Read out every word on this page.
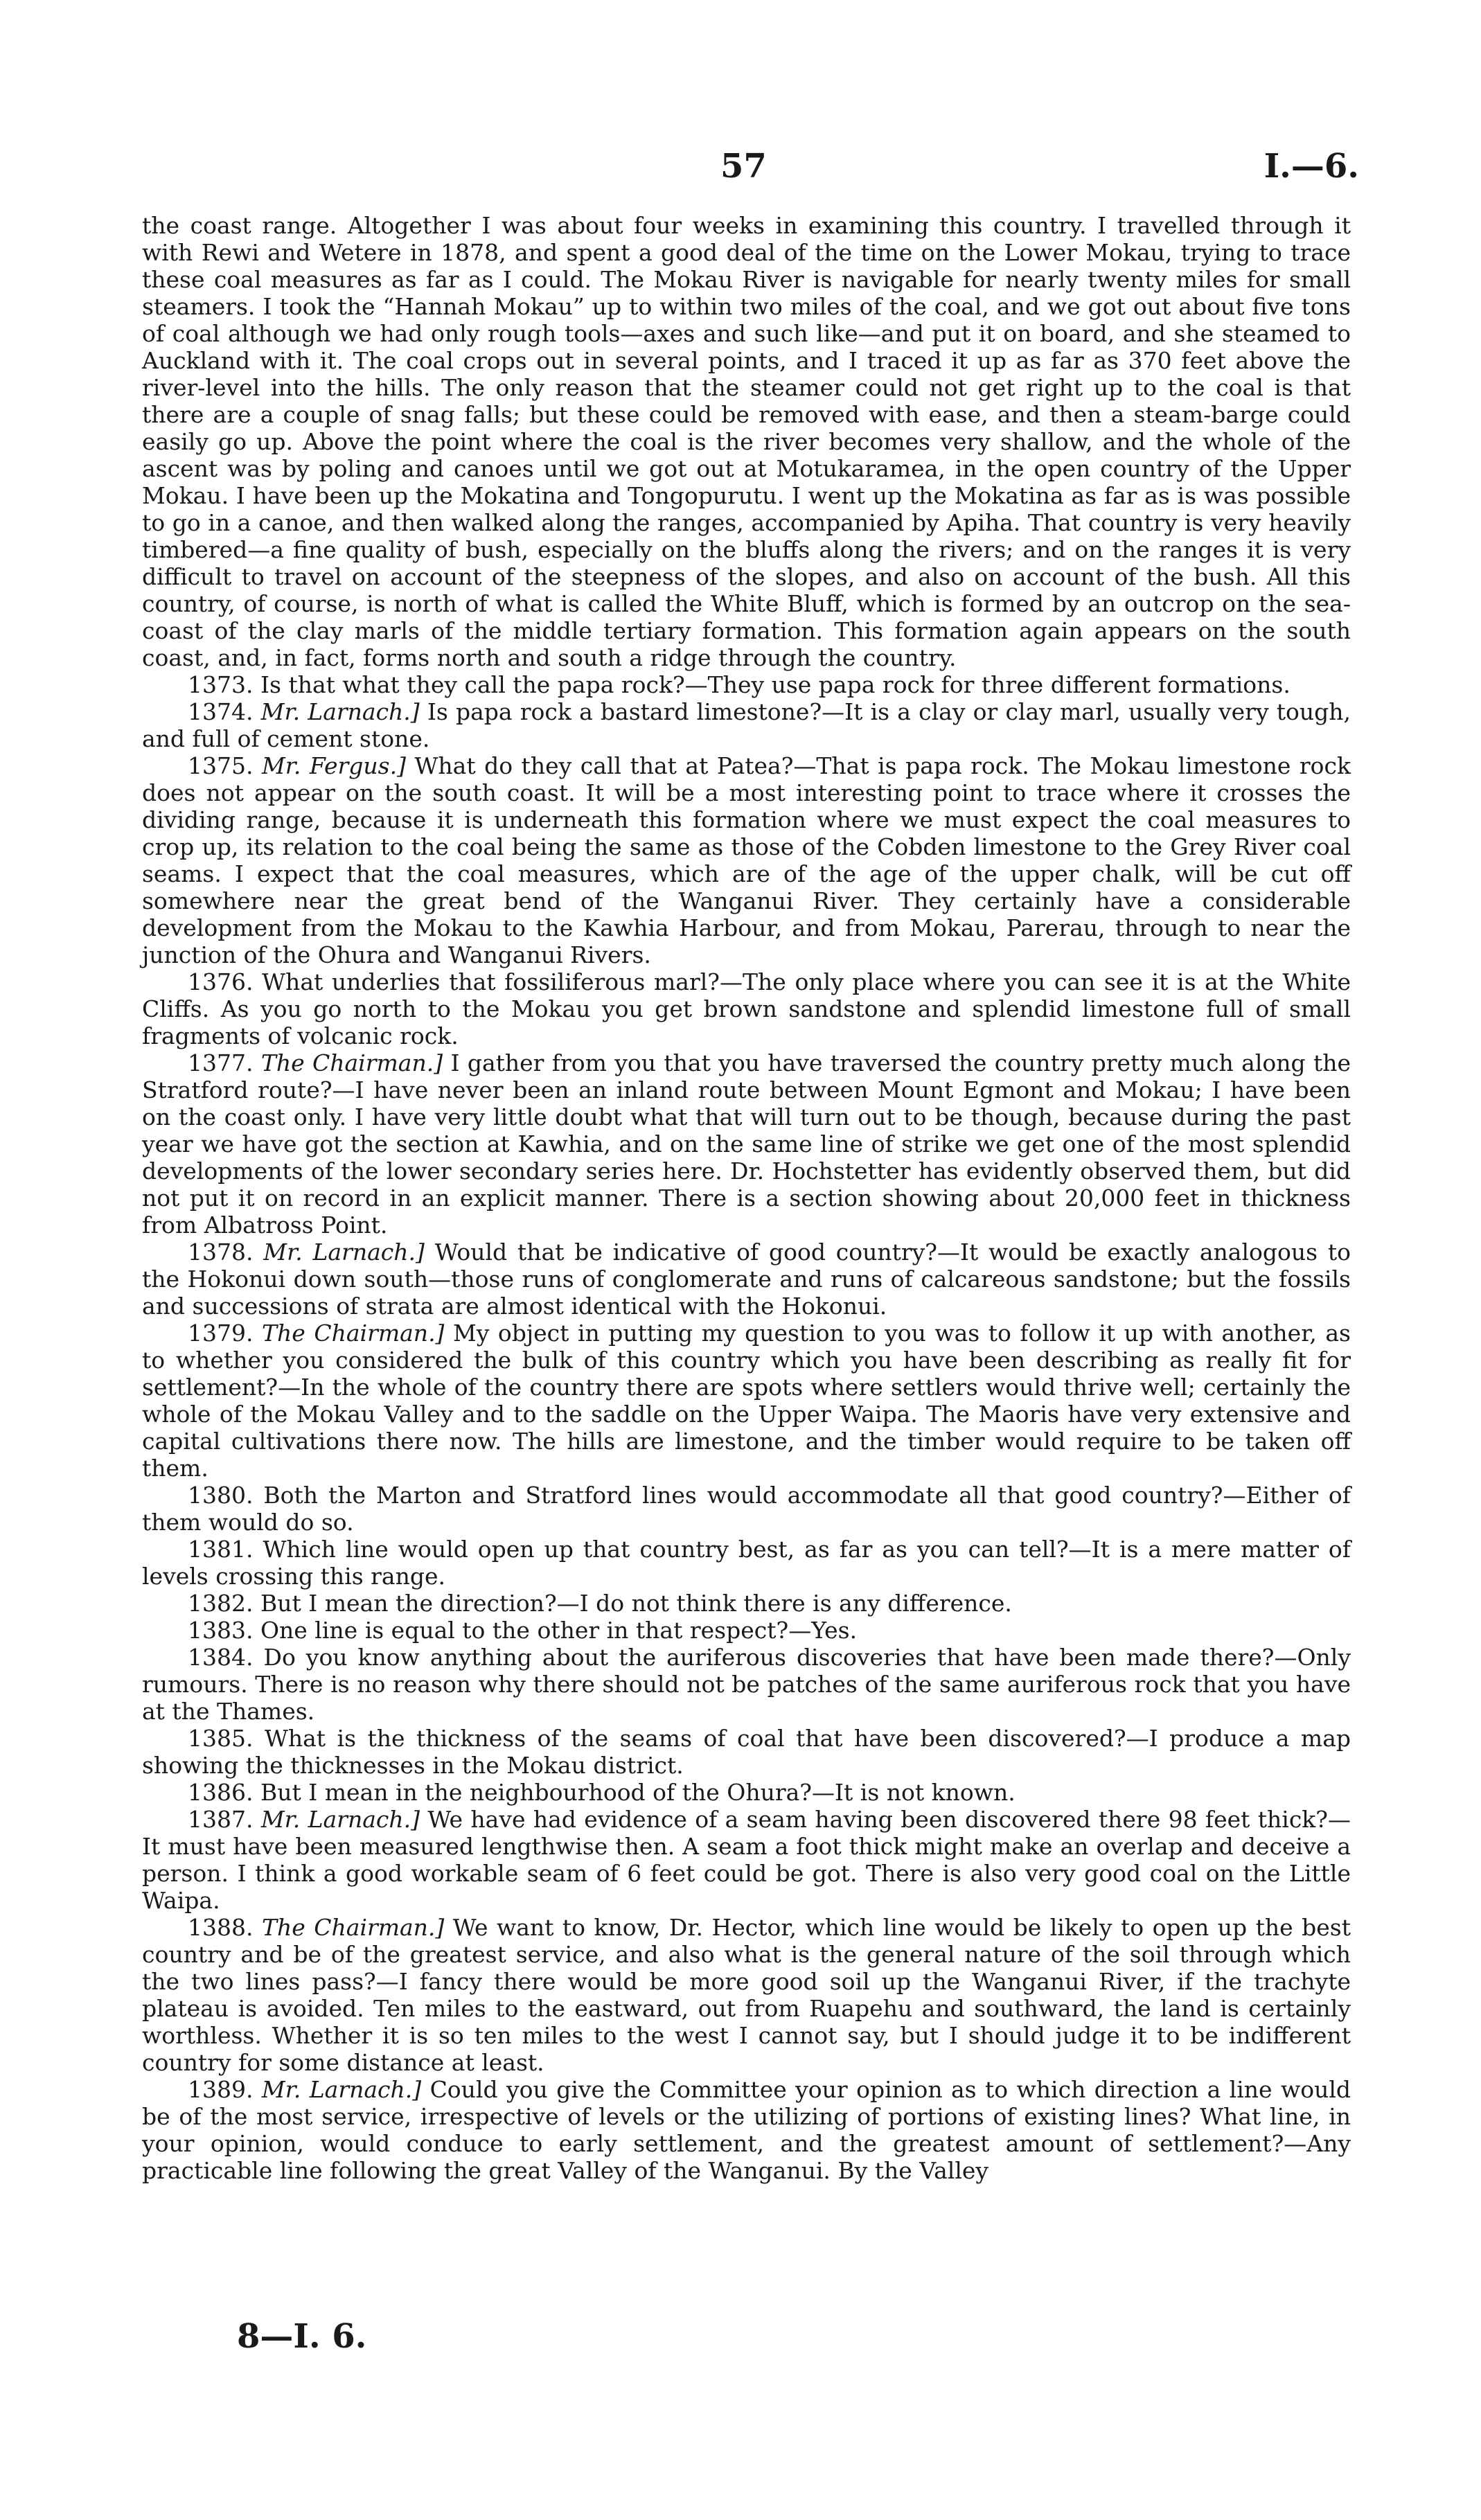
57	I.—6.

the coast range. Altogether I was about four weeks in examining this country. I travelled through it with Rewi and Wetere in 1878, and spent a good deal of the time on the Lower Mokau, trying to trace these coal measures as far as I could. The Mokau River is navigable for nearly twenty miles for small steamers. I took the “Hannah Mokau” up to within two miles of the coal, and we got out about five tons of coal although we had only rough tools—axes and such like—and put it on board, and she steamed to Auckland with it. The coal crops out in several points, and I traced it up as far as 370 feet above the river-level into the hills. The only reason that the steamer could not get right up to the coal is that there are a couple of snag falls; but these could be removed with ease, and then a steam-barge could easily go up. Above the point where the coal is the river becomes very shallow, and the whole of the ascent was by poling and canoes until we got out at Motukaramea, in the open country of the Upper Mokau. I have been up the Mokatina and Tongopurutu. I went up the Mokatina as far as is was possible to go in a canoe, and then walked along the ranges, accompanied by Apiha. That country is very heavily timbered—a fine quality of bush, especially on the bluffs along the rivers; and on the ranges it is very difficult to travel on account of the steepness of the slopes, and also on account of the bush. All this country, of course, is north of what is called the White Bluff, which is formed by an outcrop on the sea-coast of the clay marls of the middle tertiary formation. This formation again appears on the south coast, and, in fact, forms north and south a ridge through the country.

1373. Is that what they call the papa rock?—They use papa rock for three different formations.

1374. Mr. Larnach.] Is papa rock a bastard limestone?—It is a clay or clay marl, usually very tough, and full of cement stone.

1375. Mr. Fergus.] What do they call that at Patea?—That is papa rock. The Mokau limestone rock does not appear on the south coast. It will be a most interesting point to trace where it crosses the dividing range, because it is underneath this formation where we must expect the coal measures to crop up, its relation to the coal being the same as those of the Cobden limestone to the Grey River coal seams. I expect that the coal measures, which are of the age of the upper chalk, will be cut off somewhere near the great bend of the Wanganui River. They certainly have a considerable development from the Mokau to the Kawhia Harbour, and from Mokau, Parerau, through to near the junction of the Ohura and Wanganui Rivers.

1376. What underlies that fossiliferous marl?—The only place where you can see it is at the White Cliffs. As you go north to the Mokau you get brown sandstone and splendid limestone full of small fragments of volcanic rock.

1377. The Chairman.] I gather from you that you have traversed the country pretty much along the Stratford route?—I have never been an inland route between Mount Egmont and Mokau; I have been on the coast only. I have very little doubt what that will turn out to be though, because during the past year we have got the section at Kawhia, and on the same line of strike we get one of the most splendid developments of the lower secondary series here. Dr. Hochstetter has evidently observed them, but did not put it on record in an explicit manner. There is a section showing about 20,000 feet in thickness from Albatross Point.

1378. Mr. Larnach.] Would that be indicative of good country?—It would be exactly analogous to the Hokonui down south—those runs of conglomerate and runs of calcareous sandstone; but the fossils and successions of strata are almost identical with the Hokonui.

1379. The Chairman.] My object in putting my question to you was to follow it up with another, as to whether you considered the bulk of this country which you have been describing as really fit for settlement?—In the whole of the country there are spots where settlers would thrive well; certainly the whole of the Mokau Valley and to the saddle on the Upper Waipa. The Maoris have very extensive and capital cultivations there now. The hills are limestone, and the timber would require to be taken off them.

1380. Both the Marton and Stratford lines would accommodate all that good country?—Either of them would do so.

1381. Which line would open up that country best, as far as you can tell?—It is a mere matter of levels crossing this range.

1382. But I mean the direction?—I do not think there is any difference.

1383. One line is equal to the other in that respect?—Yes.

1384. Do you know anything about the auriferous discoveries that have been made there?—Only rumours. There is no reason why there should not be patches of the same auriferous rock that you have at the Thames.

1385. What is the thickness of the seams of coal that have been discovered?—I produce a map showing the thicknesses in the Mokau district.

1386. But I mean in the neighbourhood of the Ohura?—It is not known.

1387. Mr. Larnach.] We have had evidence of a seam having been discovered there 98 feet thick?—It must have been measured lengthwise then. A seam a foot thick might make an overlap and deceive a person. I think a good workable seam of 6 feet could be got. There is also very good coal on the Little Waipa.

1388. The Chairman.] We want to know, Dr. Hector, which line would be likely to open up the best country and be of the greatest service, and also what is the general nature of the soil through which the two lines pass?—I fancy there would be more good soil up the Wanganui River, if the trachyte plateau is avoided. Ten miles to the eastward, out from Ruapehu and southward, the land is certainly worthless. Whether it is so ten miles to the west I cannot say, but I should judge it to be indifferent country for some distance at least.

1389. Mr. Larnach.] Could you give the Committee your opinion as to which direction a line would be of the most service, irrespective of levels or the utilizing of portions of existing lines? What line, in your opinion, would conduce to early settlement, and the greatest amount of settlement?—Any practicable line following the great Valley of the Wanganui. By the Valley

8—I. 6.
